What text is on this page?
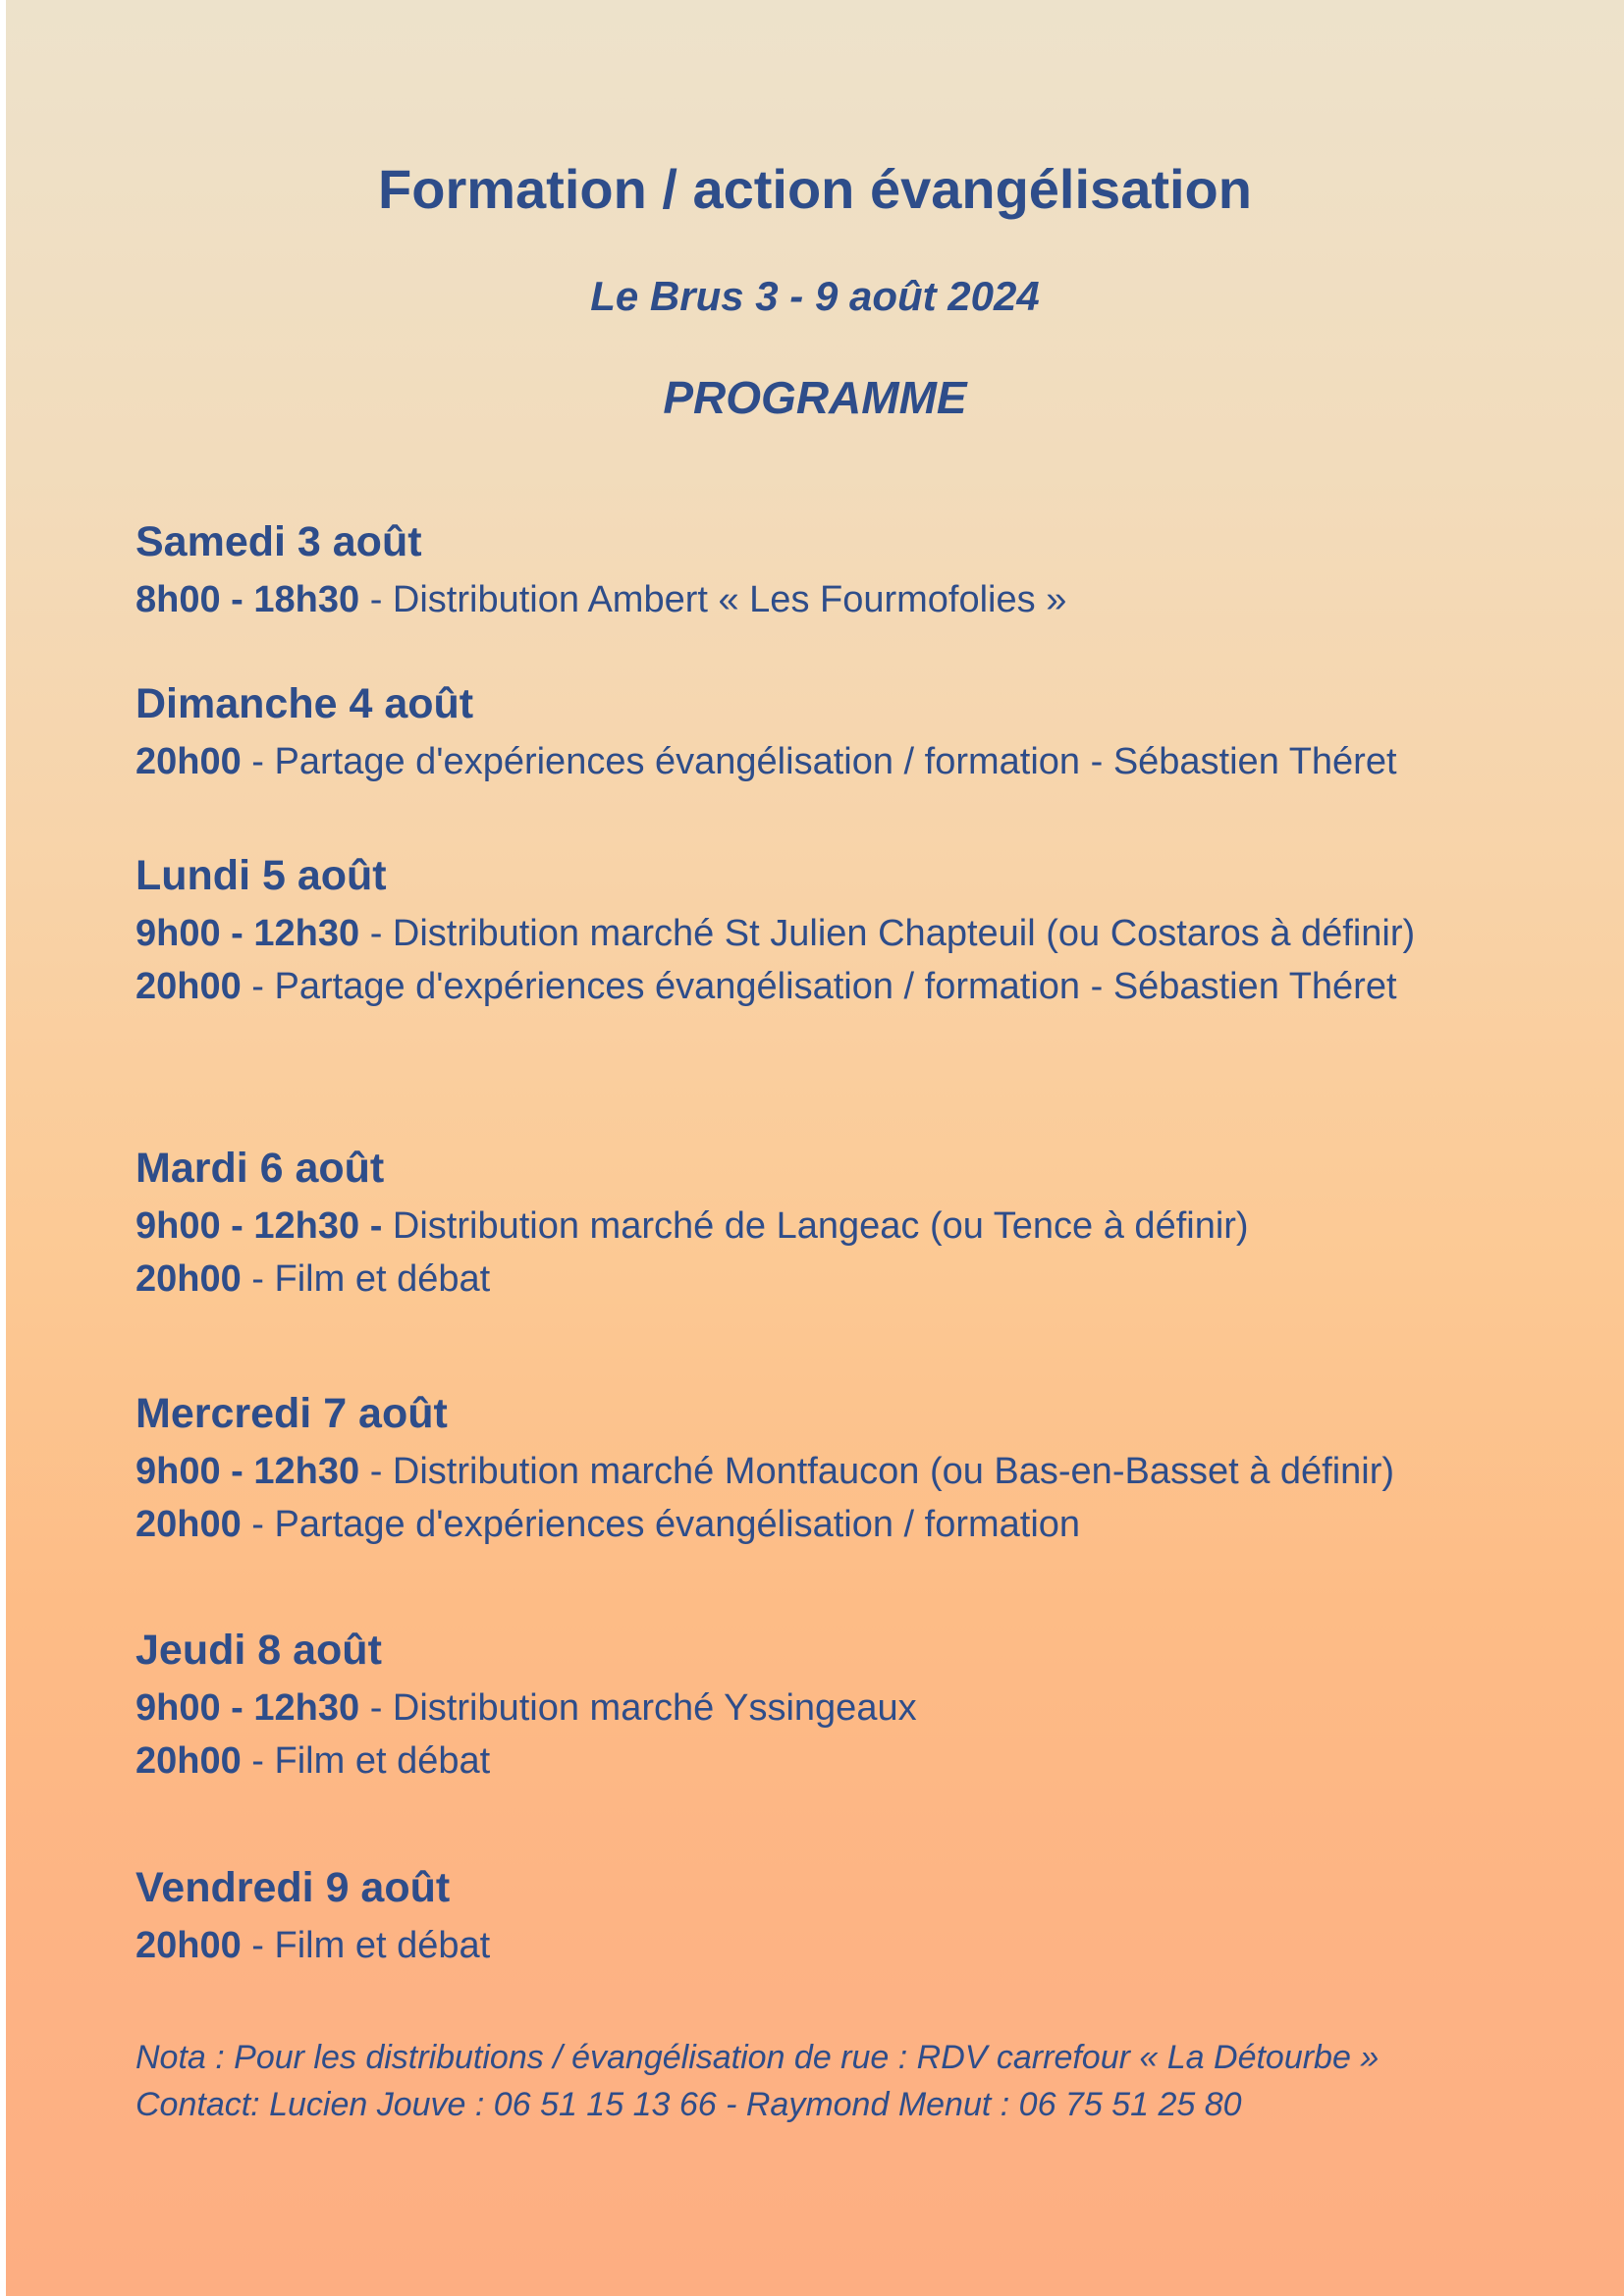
Formation / action évangélisation
Le Brus 3 - 9 août 2024
PROGRAMME

Samedi 3 août

8h00 - 18h30 - Distribution Ambert « Les Fourmofolies »

Dimanche 4 août

20h00 - Partage d'expériences évangélisation / formation - Sébastien Théret

Lundi 5 août

9h00 - 12h30 - Distribution marché St Julien Chapteuil (ou Costaros à définir)

20h00 - Partage d'expériences évangélisation / formation - Sébastien Théret

Mardi 6 août

9h00 - 12h30 - Distribution marché de Langeac (ou Tence à définir)

20h00 - Film et débat

Mercredi 7 août

9h00 - 12h30 - Distribution marché Montfaucon (ou Bas-en-Basset à définir)

20h00 - Partage d'expériences évangélisation / formation

Jeudi 8 août

9h00 - 12h30 - Distribution marché Yssingeaux

20h00 - Film et débat

Vendredi 9 août

20h00 - Film et débat

Nota : Pour les distributions / évangélisation de rue : RDV carrefour « La Détourbe »
Contact: Lucien Jouve : 06 51 15 13 66 - Raymond Menut : 06 75 51 25 80
